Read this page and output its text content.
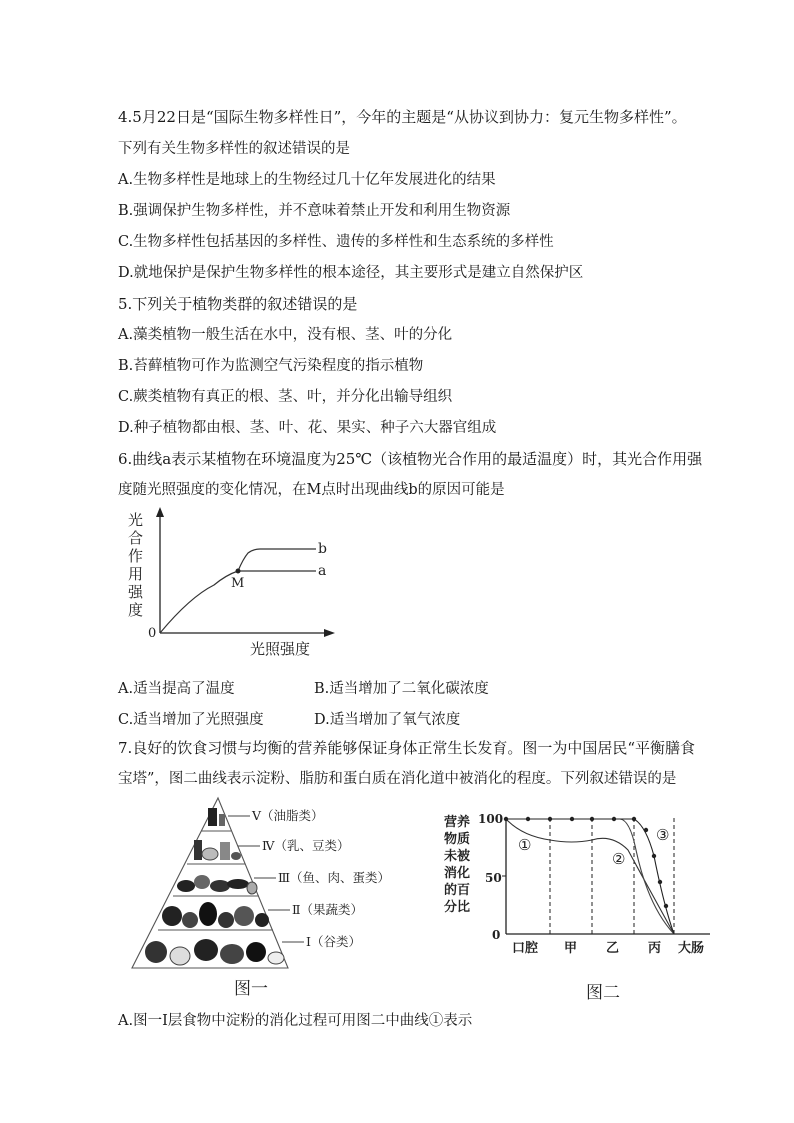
4.5月22日是“国际生物多样性日”，今年的主题是“从协议到协力：复元生物多样性”。
下列有关生物多样性的叙述错误的是
A.生物多样性是地球上的生物经过几十亿年发展进化的结果
B.强调保护生物多样性，并不意味着禁止开发和利用生物资源
C.生物多样性包括基因的多样性、遗传的多样性和生态系统的多样性
D.就地保护是保护生物多样性的根本途径，其主要形式是建立自然保护区
5.下列关于植物类群的叙述错误的是
A.藻类植物一般生活在水中，没有根、茎、叶的分化
B.苔藓植物可作为监测空气污染程度的指示植物
C.蕨类植物有真正的根、茎、叶，并分化出输导组织
D.种子植物都由根、茎、叶、花、果实、种子六大器官组成
6.曲线a表示某植物在环境温度为25℃（该植物光合作用的最适温度）时，其光合作用强
度随光照强度的变化情况，在M点时出现曲线b的原因可能是
光
合
作
用
强
度
0
光照强度
M
b
a
A.适当提高了温度	B.适当增加了二氧化碳浓度
C.适当增加了光照强度	D.适当增加了氧气浓度
7.良好的饮食习惯与均衡的营养能够保证身体正常生长发育。图一为中国居民“平衡膳食
宝塔”，图二曲线表示淀粉、脂肪和蛋白质在消化道中被消化的程度。下列叙述错误的是
Ⅴ（油脂类）
Ⅳ（乳、豆类）
Ⅲ（鱼、肉、蛋类）
Ⅱ（果蔬类）
Ⅰ（谷类）
图一
营养
物质
未被
消化
的百
分比
100
50
0
①
②
③
口腔 甲 乙 丙 大肠
图二
A.图一Ⅰ层食物中淀粉的消化过程可用图二中曲线①表示
